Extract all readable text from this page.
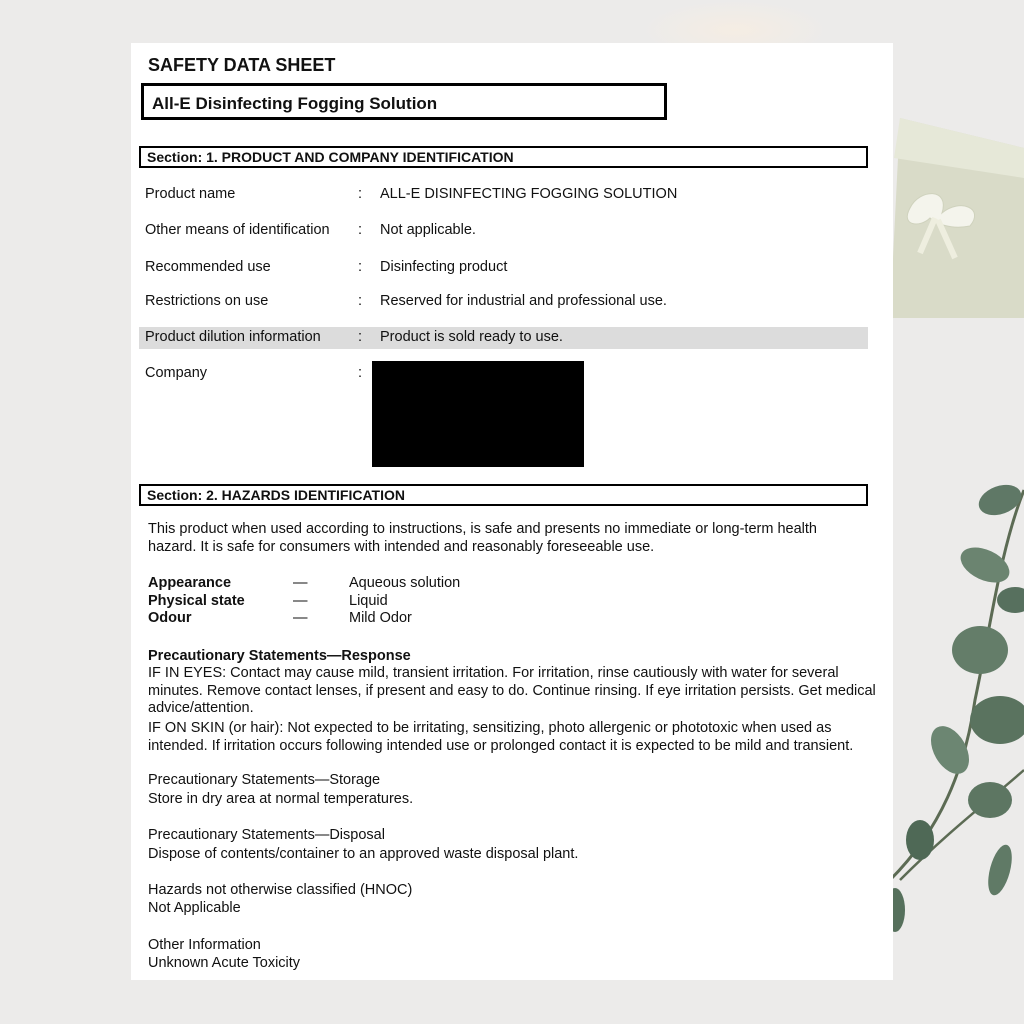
SAFETY DATA SHEET
All-E Disinfecting Fogging Solution
Section: 1. PRODUCT AND COMPANY IDENTIFICATION
Product name	: ALL-E DISINFECTING FOGGING SOLUTION
Other means of identification : Not applicable.
Recommended use	: Disinfecting product
Restrictions on use	: Reserved for industrial and professional use.
Product dilution information	: Product is sold ready to use.
Company	:
Section: 2. HAZARDS IDENTIFICATION
This product when used according to instructions, is safe and presents no immediate or long-term health hazard. It is safe for consumers with intended and reasonably foreseeable use.
Appearance	—	Aqueous solution
Physical state	—	Liquid
Odour	—	Mild Odor
Precautionary Statements—Response
IF IN EYES: Contact may cause mild, transient irritation. For irritation, rinse cautiously with water for several minutes. Remove contact lenses, if present and easy to do. Continue rinsing. If eye irritation persists. Get medical advice/attention.
IF ON SKIN (or hair): Not expected to be irritating, sensitizing, photo allergenic or phototoxic when used as intended. If irritation occurs following intended use or prolonged contact it is expected to be mild and transient.
Precautionary Statements—Storage
Store in dry area at normal temperatures.
Precautionary Statements—Disposal
Dispose of contents/container to an approved waste disposal plant.
Hazards not otherwise classified (HNOC)
Not Applicable
Other Information
Unknown Acute Toxicity
